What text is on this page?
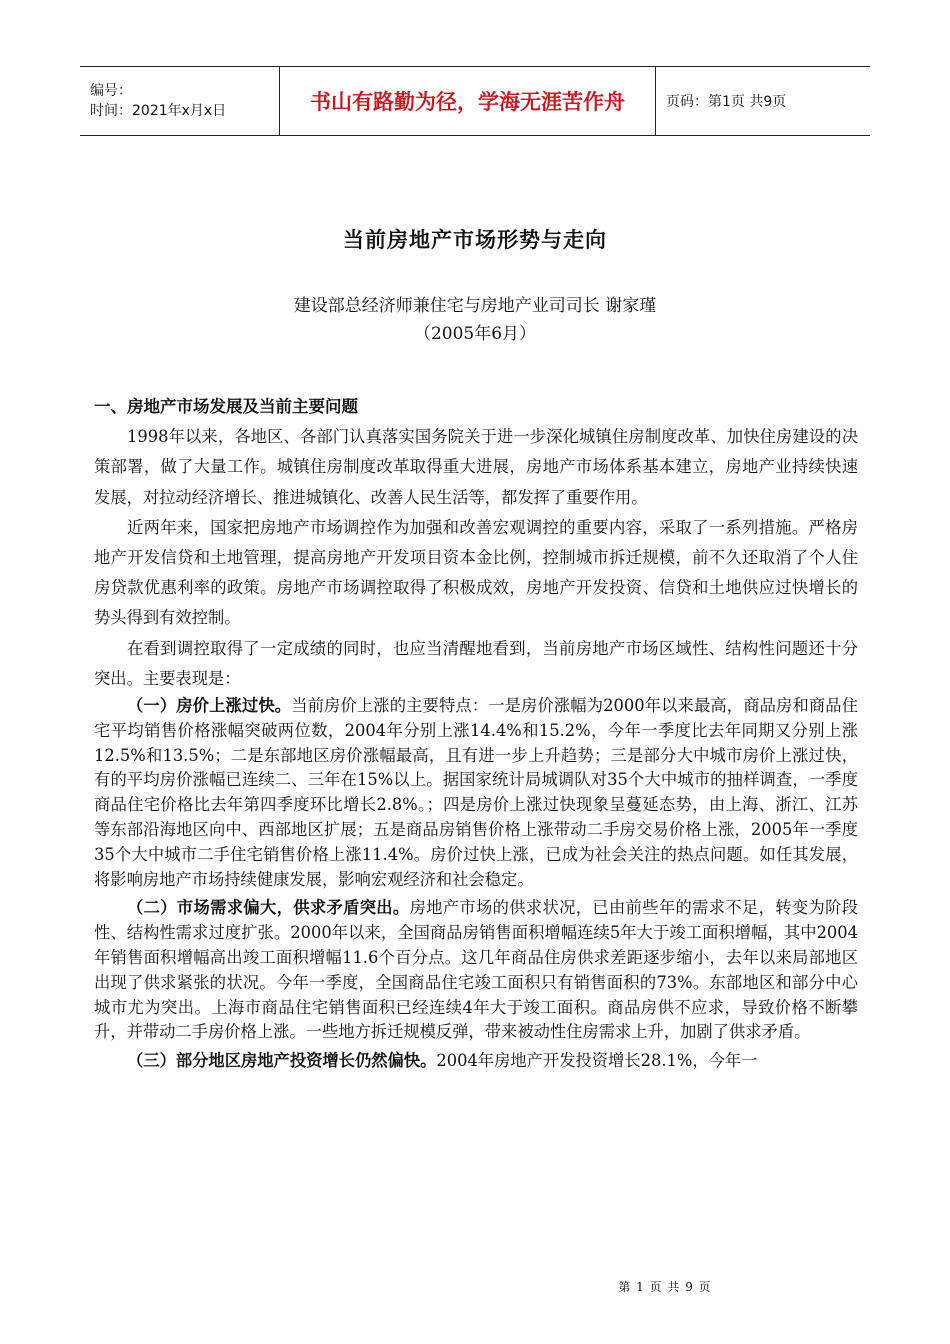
编号：
时间：2021年x月x日	书山有路勤为径，学海无涯苦作舟	页码：第1页 共9页
当前房地产市场形势与走向
建设部总经济师兼住宅与房地产业司司长 谢家瑾
（2005年6月）

一、房地产市场发展及当前主要问题

1998年以来，各地区、各部门认真落实国务院关于进一步深化城镇住房制度改革、加快住房建设的决策部署，做了大量工作。城镇住房制度改革取得重大进展，房地产市场体系基本建立，房地产业持续快速发展，对拉动经济增长、推进城镇化、改善人民生活等，都发挥了重要作用。

近两年来，国家把房地产市场调控作为加强和改善宏观调控的重要内容，采取了一系列措施。严格房地产开发信贷和土地管理，提高房地产开发项目资本金比例，控制城市拆迁规模，前不久还取消了个人住房贷款优惠利率的政策。房地产市场调控取得了积极成效，房地产开发投资、信贷和土地供应过快增长的势头得到有效控制。

在看到调控取得了一定成绩的同时，也应当清醒地看到，当前房地产市场区域性、结构性问题还十分突出。主要表现是：

（一）房价上涨过快。当前房价上涨的主要特点：一是房价涨幅为2000年以来最高，商品房和商品住宅平均销售价格涨幅突破两位数，2004年分别上涨14.4%和15.2%，今年一季度比去年同期又分别上涨12.5%和13.5%；二是东部地区房价涨幅最高，且有进一步上升趋势；三是部分大中城市房价上涨过快，有的平均房价涨幅已连续二、三年在15%以上。据国家统计局城调队对35个大中城市的抽样调查，一季度商品住宅价格比去年第四季度环比增长2.8%。；四是房价上涨过快现象呈蔓延态势，由上海、浙江、江苏等东部沿海地区向中、西部地区扩展；五是商品房销售价格上涨带动二手房交易价格上涨，2005年一季度35个大中城市二手住宅销售价格上涨11.4%。房价过快上涨，已成为社会关注的热点问题。如任其发展，将影响房地产市场持续健康发展，影响宏观经济和社会稳定。

（二）市场需求偏大，供求矛盾突出。房地产市场的供求状况，已由前些年的需求不足，转变为阶段性、结构性需求过度扩张。2000年以来，全国商品房销售面积增幅连续5年大于竣工面积增幅，其中2004年销售面积增幅高出竣工面积增幅11.6个百分点。这几年商品住房供求差距逐步缩小，去年以来局部地区出现了供求紧张的状况。今年一季度，全国商品住宅竣工面积只有销售面积的73%。东部地区和部分中心城市尤为突出。上海市商品住宅销售面积已经连续4年大于竣工面积。商品房供不应求，导致价格不断攀升，并带动二手房价格上涨。一些地方拆迁规模反弹，带来被动性住房需求上升，加剧了供求矛盾。

（三）部分地区房地产投资增长仍然偏快。2004年房地产开发投资增长28.1%，今年一

第 1 页 共 9 页
